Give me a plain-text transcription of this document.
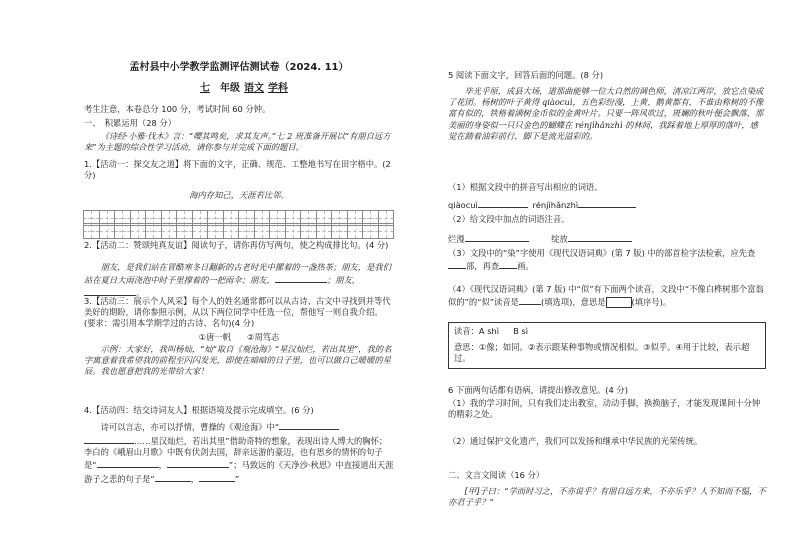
孟村县中小学教学监测评估测试卷（2024. 11）
七 年级 语文 学科
考生注意，本卷总分 100 分，考试时间 60 分钟。
一、　积累运用（28 分）
《诗经·小雅·伐木》言：“嘤其鸣矣，求其友声。”七 2 班准备开展以“有朋自远方来”为主题的综合性学习活动，请你参与并完成下面的题目。
1.【活动一：探交友之道】将下面的文字，正确、规范、工整地书写在田字格中。(2 分)
海内存知己，天涯若比邻。
2.【活动二：赞颂纯真友谊】阅读句子，请你再仿写两句，使之构成排比句。(4 分)
朋友，是我们站在冒酷寒冬日翻新的古老时光中摞着的一盏热茶；朋友，是我们站在夏日大雨浇泡中时予里撑着的一把雨伞；朋友，	；朋友，。
3.【活动三：展示个人风采】每个人的姓名通常都可以从古诗、古文中寻找到并等代美好的期盼，请你参照示例，从以下两位同学中任选一位，帮他写一则自我介绍。(要求：需引用本学期学过的古诗、名句)(4 分)
①唐一帆 ②周笃志
示例：大家好，我叫杨灿，“灿”取自《观沧海》“星汉灿烂，若出其里”，我的名字寓意着我希望我的前程至闪闪发光，即使在暗暗的日子里，也可以做自己暖暖的星辰。我也愿意把我的光带给大家！
4.【活动四：结交诗词友人】根据语境及提示完成填空。(6 分)
诗可以言志，亦可以抒情，曹操的《观沧海》中“
……星汉灿烂，若出其里”借助奇特的想象，表现出诗人博大的胸怀；李白的《峨眉山月歌》中既有伏剑去国，辞亲远游的豪迈，也有思乡的情怀的句子是“	，	”；马致远的《天净沙·秋思》中直接道出天涯游子之悲的句子是“	，	”
5 阅读下面文字，回答后面的问题。(8 分)
毕光乎原，成县大场，道那曲能够一位大自然的调色师，清凉江两岸，放它点染成了花团。杨树的叶子黄得 qiàocuì，五色彩纷漫，上黄、鹅黄都有，不谁由称树的不像富有似的，铁格着满树金币似的金黄叶片。只要一阵风吹过，斑斓的秋叶便会飘落，那美丽的身姿似一只只金色的蝴蝶在 rénjìhǎnzhì 的林间，我踩着地上厚厚的落叶，感觉在踏着油彩前行，脚下是流光溢彩的。
（1）根据文段中的拼音写出相应的词语。
qiàocuì	rénjìhǎnzhì
（2）给文段中加点的词语注音。
烂漫	绽放
（3）文段中的“染”字使用《现代汉语词典》(第 7 版) 中的部首检字法检索，应先查部，再查 画。
（4）《现代汉语词典》(第 7 版) 中“似”有下面两个读音，文段中“不像白桦树那个富翁似的”的“似”读音是	(填选项)，意思是	(填序号)。
读音：A shì B sì
意思：①像；如同。②表示跟某种事物或情况相似。③似乎。④用于比较，表示超过。
6 下面两句话都有语病，请提出修改意见。(4 分)
（1）我的学习时间，只有我们走出教室，动动手脚，换换脑子，才能发现课间十分钟的精彩之处。
（2）通过保护文化遗产，我们可以发扬和继承中华民族的光荣传统。
二、文言文阅读（16 分）
[甲]子曰：“学而时习之，不亦说乎？有朋自远方来，不亦乐乎？人不知而不愠，不亦君子乎？”
